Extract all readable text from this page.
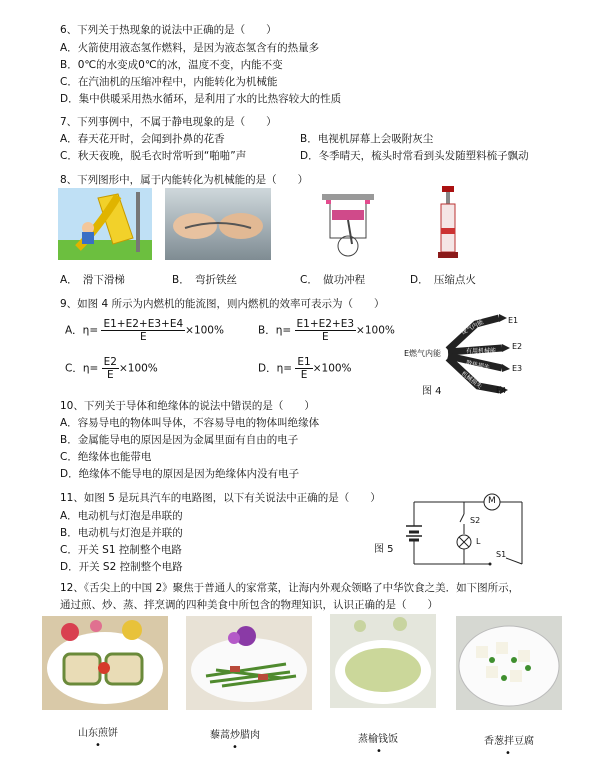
6、下列关于热现象的说法中正确的是（　　）
A．火箭使用液态氢作燃料，是因为液态氢含有的热量多
B．0℃的水变成0℃的冰，温度不变，内能不变
C．在汽油机的压缩冲程中，内能转化为机械能
D．集中供暖采用热水循环，是利用了水的比热容较大的性质
7、下列事例中，不属于静电现象的是（　　）
A．春天花开时，会闻到扑鼻的花香	B．电视机屏幕上会吸附灰尘
C．秋天夜晚，脱毛衣时常听到“啪啪”声	D．冬季晴天，梳头时常看到头发随塑料梳子飘动
8、下列图形中，属于内能转化为机械能的是（　　）
A．　滑下滑梯	B．　弯折铁丝	C．　做功冲程	D．　压缩点火
9、如图 4 所示为内燃机的能流图，则内燃机的效率可表示为（　　）
A．$\eta= \frac{E1+E2+E3+E4}{E} \times 100\%$	B．$\eta= \frac{E1+E2+E3}{E} \times 100\%$
C．$\eta= \frac{E2}{E} \times 100\%$	D．$\eta= \frac{E1}{E} \times 100\%$
E燃气内能
废气内能
有用机械能
散热损失
机械损失
E1
E2
E3
E4
图 4
10、下列关于导体和绝缘体的说法中错误的是（　　）
A．容易导电的物体叫导体，不容易导电的物体叫绝缘体
B．金属能导电的原因是因为金属里面有自由的电子
C．绝缘体也能带电
D．绝缘体不能导电的原因是因为绝缘体内没有电子
11、如图 5 是玩具汽车的电路图，以下有关说法中正确的是（　　）
A．电动机与灯泡是串联的
B．电动机与灯泡是并联的
C．开关 S1 控制整个电路
D．开关 S2 控制整个电路
M
S2
L
S1
图 5
12、《舌尖上的中国 2》聚焦于普通人的家常菜，让海内外观众领略了中华饮食之美．如下图所示，
通过煎、炒、蒸、拌烹调的四种美食中所包含的物理知识，认识正确的是（　　）
山东煎饼	藜蒿炒腊肉	蒸榆钱饭	香葱拌豆腐
•	•	•	•
